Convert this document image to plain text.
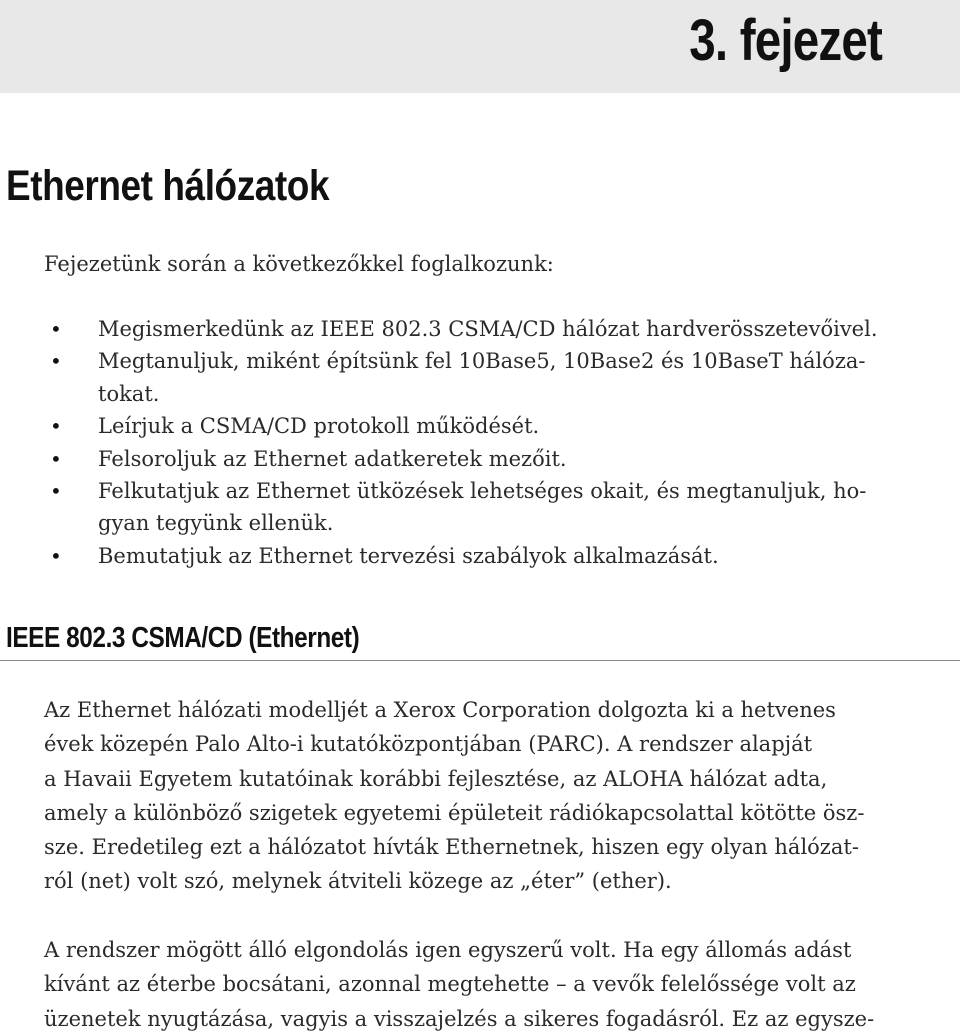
3. fejezet
Ethernet hálózatok
Fejezetünk során a következőkkel foglalkozunk:
• Megismerkedünk az IEEE 802.3 CSMA/CD hálózat hardverösszetevőivel.
• Megtanuljuk, miként építsünk fel 10Base5, 10Base2 és 10BaseT hálóza-
tokat.
• Leírjuk a CSMA/CD protokoll működését.
• Felsoroljuk az Ethernet adatkeretek mezőit.
• Felkutatjuk az Ethernet ütközések lehetséges okait, és megtanuljuk, ho-
gyan tegyünk ellenük.
• Bemutatjuk az Ethernet tervezési szabályok alkalmazását.
IEEE 802.3 CSMA/CD (Ethernet)

Az Ethernet hálózati modelljét a Xerox Corporation dolgozta ki a hetvenes
évek közepén Palo Alto-i kutatóközpontjában (PARC). A rendszer alapját
a Havaii Egyetem kutatóinak korábbi fejlesztése, az ALOHA hálózat adta,
amely a különböző szigetek egyetemi épületeit rádiókapcsolattal kötötte ösz-
sze. Eredetileg ezt a hálózatot hívták Ethernetnek, hiszen egy olyan hálózat-
ról (net) volt szó, melynek átviteli közege az „éter” (ether).

A rendszer mögött álló elgondolás igen egyszerű volt. Ha egy állomás adást
kívánt az éterbe bocsátani, azonnal megtehette – a vevők felelőssége volt az
üzenetek nyugtázása, vagyis a visszajelzés a sikeres fogadásról. Ez az egysze-
